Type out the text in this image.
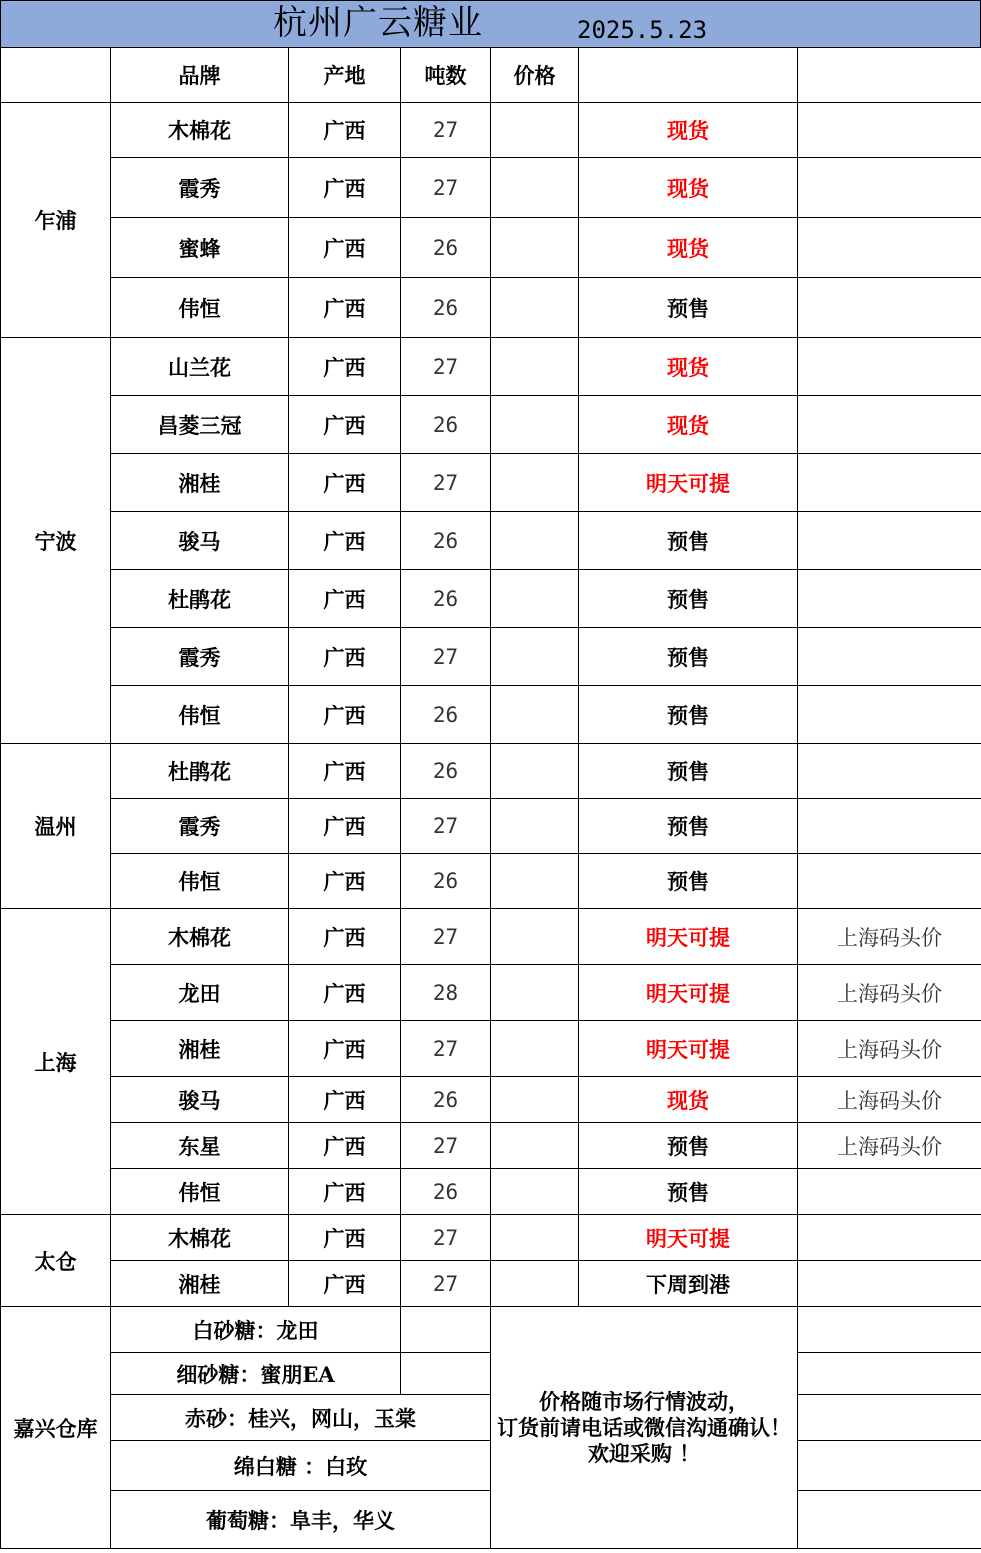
杭州广云糖业	2025.5.23
	品牌	产地	吨数	价格		
乍浦	木棉花	广西	27		现货	
	霞秀	广西	27		现货	
	蜜蜂	广西	26		现货	
	伟恒	广西	26		预售	
宁波	山兰花	广西	27		现货	
	昌菱三冠	广西	26		现货	
	湘桂	广西	27		明天可提	
	骏马	广西	26		预售	
	杜鹃花	广西	26		预售	
	霞秀	广西	27		预售	
	伟恒	广西	26		预售	
温州	杜鹃花	广西	26		预售	
	霞秀	广西	27		预售	
	伟恒	广西	26		预售	
上海	木棉花	广西	27		明天可提	上海码头价
	龙田	广西	28		明天可提	上海码头价
	湘桂	广西	27		明天可提	上海码头价
	骏马	广西	26		现货	上海码头价
	东星	广西	27		预售	上海码头价
	伟恒	广西	26		预售	
太仓	木棉花	广西	27		明天可提	
	湘桂	广西	27		下周到港	
嘉兴仓库	白砂糖：龙田			价格随市场行情波动，
订货前请电话或微信沟通确认！
欢迎采购 ！		

	细砂糖：蜜朋EA					
	赤砂：桂兴，网山，玉棠					
	绵白糖 ：白玫					
	葡萄糖：阜丰，华义					
